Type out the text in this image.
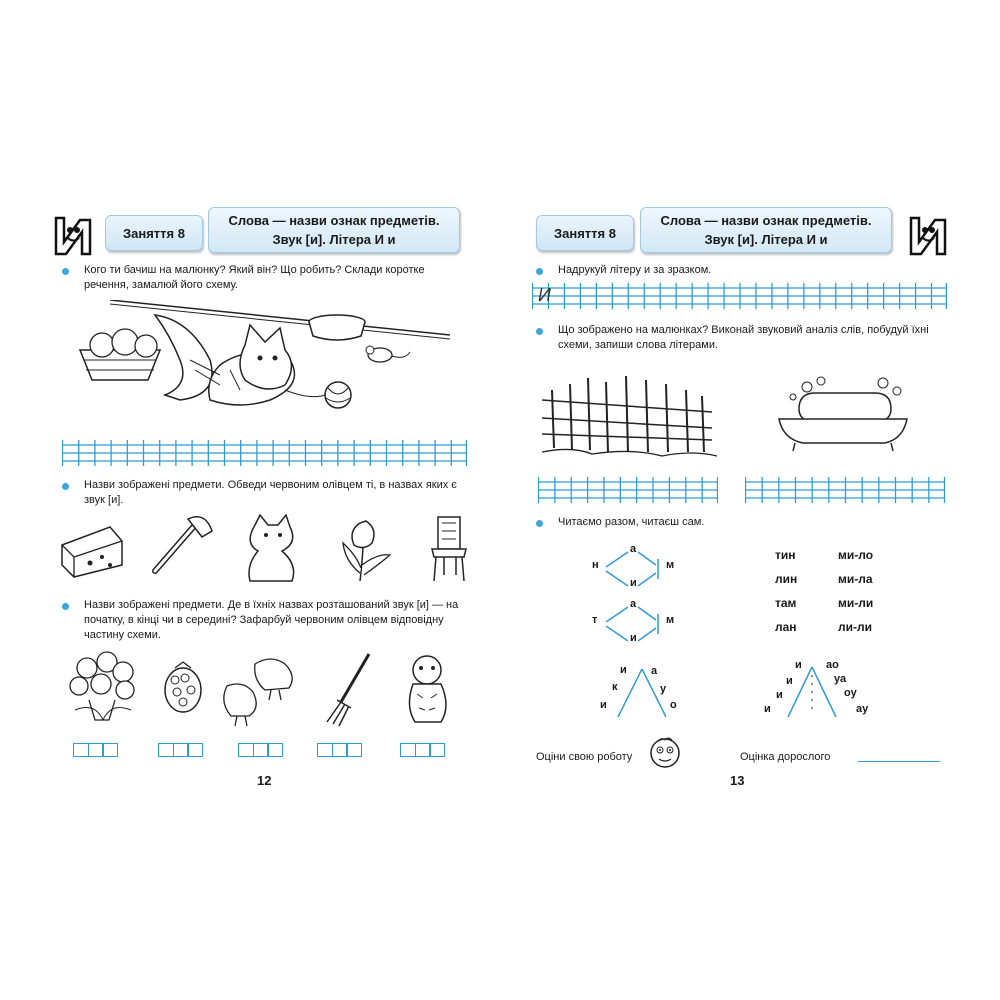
Заняття 8
Слова — назви ознак предметів.
Звук [и]. Літера И и
Кого ти бачиш на малюнку? Який він? Що робить? Склади коротке речення, замалюй його схему.
Назви зображені предмети. Обведи червоним олівцем ті, в назвах яких є звук [и].
Назви зображені предмети. Де в їхніх назвах розташований звук [и] — на початку, в кінці чи в середині? Зафарбуй червоним олівцем відповідну частину схеми.
12
Заняття 8
Слова — назви ознак предметів.
Звук [и]. Літера И и
Надрукуй літеру и за зразком.
И
Що зображено на малюнках? Виконай звуковий аналіз слів, побудуй їхні схеми, запиши слова літерами.
Читаємо разом, читаєш сам.
н
а
и
м
т
а
и
м
и
к
и
а
у
о
и
и
и
и
ао
уа
оу
ау
тин
лин
там
лан
ми-ло
ми-ла
ми-ли
ли-ли
Оціни свою роботу	Оцінка дорослого
13
